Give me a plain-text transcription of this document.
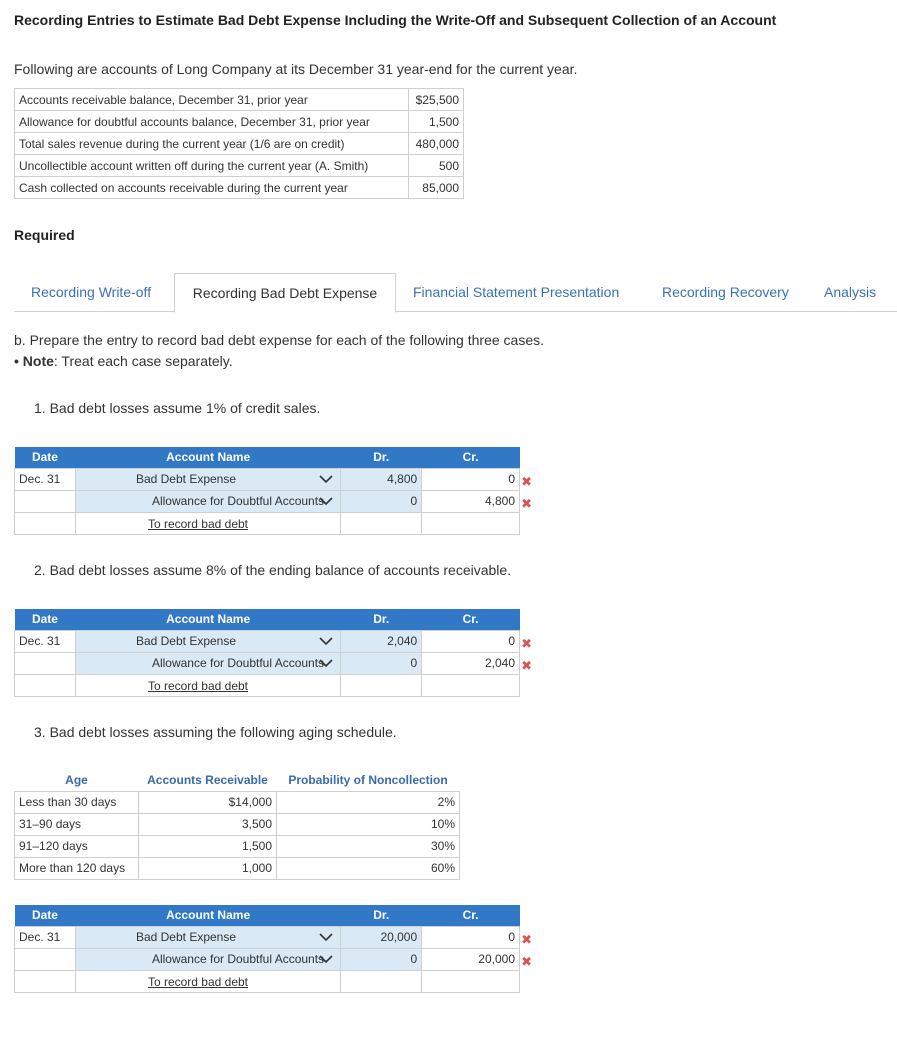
Recording Entries to Estimate Bad Debt Expense Including the Write-Off and Subsequent Collection of an Account
Following are accounts of Long Company at its December 31 year-end for the current year.
Accounts receivable balance, December 31, prior year	$25,500
Allowance for doubtful accounts balance, December 31, prior year	1,500
Total sales revenue during the current year (1/6 are on credit)	480,000
Uncollectible account written off during the current year (A. Smith)	500
Cash collected on accounts receivable during the current year	85,000
Required
Recording Write-off	Recording Bad Debt Expense	Financial Statement Presentation	Recording Recovery	Analysis
b. Prepare the entry to record bad debt expense for each of the following three cases.
• Note: Treat each case separately.
1. Bad debt losses assume 1% of credit sales.
Date	Account Name	Dr.	Cr.
Dec. 31	Bad Debt Expense	4,800	0 ✖

	Allowance for Doubtful Accounts	0	4,800 ✖

	To record bad debt		

2. Bad debt losses assume 8% of the ending balance of accounts receivable.
Date	Account Name	Dr.	Cr.
Dec. 31	Bad Debt Expense	2,040	0 ✖

	Allowance for Doubtful Accounts	0	2,040 ✖

	To record bad debt		

3. Bad debt losses assuming the following aging schedule.
Age	Accounts Receivable	Probability of Noncollection
Less than 30 days	$14,000	2%
31–90 days	3,500	10%
91–120 days	1,500	30%
More than 120 days	1,000	60%
Date	Account Name	Dr.	Cr.
Dec. 31	Bad Debt Expense	20,000	0 ✖

	Allowance for Doubtful Accounts	0	20,000 ✖

	To record bad debt		
